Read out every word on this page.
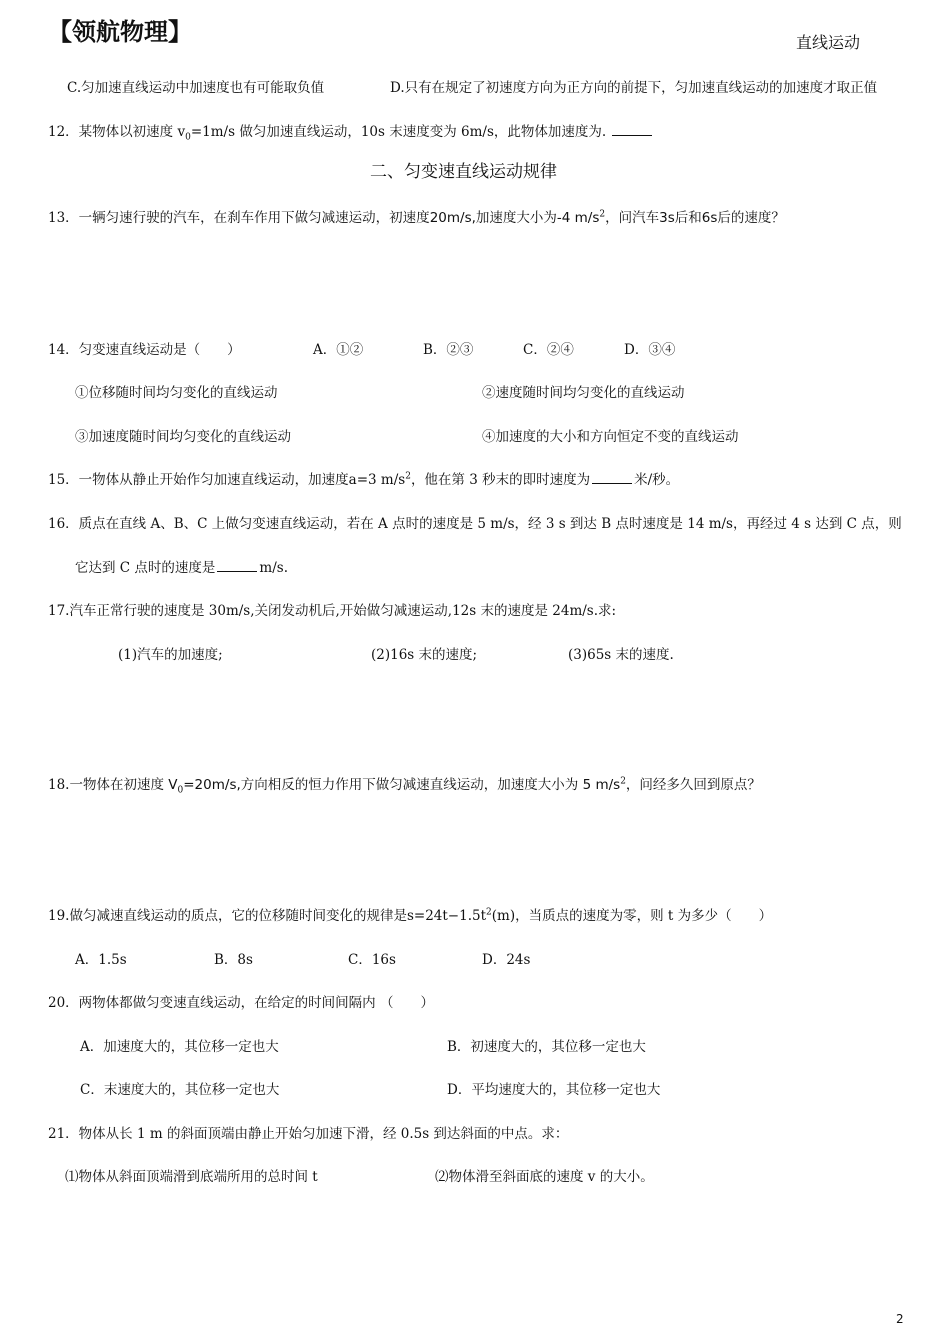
【领航物理】	直线运动
C.匀加速直线运动中加速度也有可能取负值	D.只有在规定了初速度方向为正方向的前提下，匀加速直线运动的加速度才取正值
12．某物体以初速度 $v_0=1m/s$ 做匀加速直线运动，10s 末速度变为 6m/s，此物体加速度为.
二、匀变速直线运动规律
13．一辆匀速行驶的汽车，在刹车作用下做匀减速运动，初速度20m/s,加速度大小为-4 $m/s^2$，问汽车3s后和6s后的速度？
14．匀变速直线运动是（　　）	A．①②	B．②③	C．②④	D．③④
①位移随时间均匀变化的直线运动	②速度随时间均匀变化的直线运动
③加速度随时间均匀变化的直线运动	④加速度的大小和方向恒定不变的直线运动
15．一物体从静止开始作匀加速直线运动，加速度a=3 $m/s^2$，他在第 3 秒末的即时速度为	米/秒。
16．质点在直线 A、B、C 上做匀变速直线运动，若在 A 点时的速度是 5 m/s，经 3 s 到达 B 点时速度是 14 m/s，再经过 4 s 达到 C 点，则
它达到 C 点时的速度是	m/s.
17.汽车正常行驶的速度是 30m/s,关闭发动机后,开始做匀减速运动,12s 末的速度是 24m/s.求:
(1)汽车的加速度;	(2)16s 末的速度;	(3)65s 末的速度.
18.一物体在初速度 $V_0=20m/s$,方向相反的恒力作用下做匀减速直线运动，加速度大小为 5 $m/s^2$，问经多久回到原点？
19.做匀减速直线运动的质点，它的位移随时间变化的规律是$s=24t-1.5t^2(m)$，当质点的速度为零，则 t 为多少（　　）
A．1.5s	B．8s	C．16s	D．24s
20．两物体都做匀变速直线运动，在给定的时间间隔内 （　　）
A．加速度大的，其位移一定也大	B．初速度大的，其位移一定也大
C．末速度大的，其位移一定也大	D．平均速度大的，其位移一定也大
21．物体从长 1 m 的斜面顶端由静止开始匀加速下滑，经 0.5s 到达斜面的中点。求：
⑴物体从斜面顶端滑到底端所用的总时间 t	⑵物体滑至斜面底的速度 v 的大小。
2
